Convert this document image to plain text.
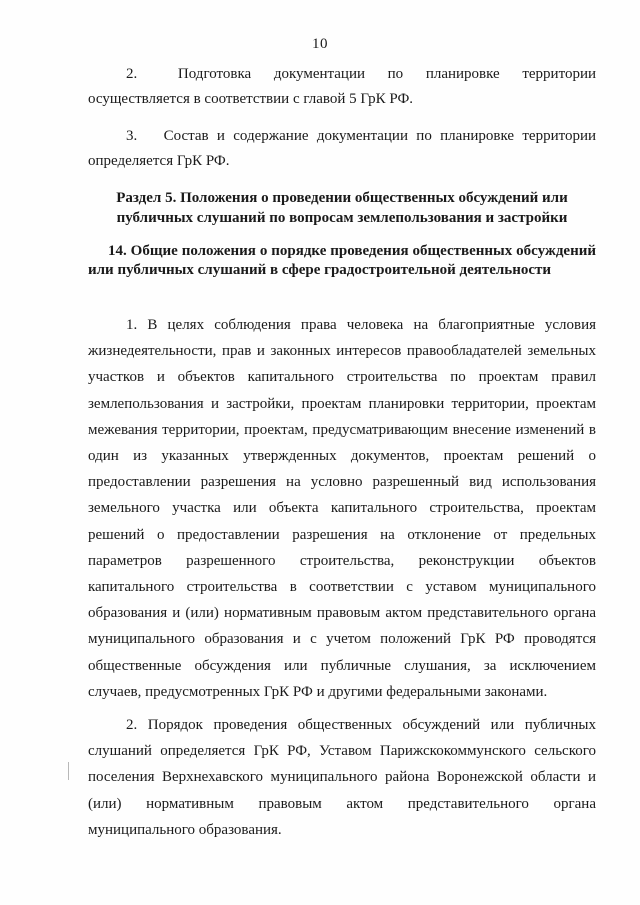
10

2.	Подготовка документации по планировке территории осуществляется в соответствии с главой 5 ГрК РФ.

3. Состав и содержание документации по планировке территории определяется ГрК РФ.

Раздел 5. Положения о проведении общественных обсуждений или публичных слушаний по вопросам землепользования и застройки

14. Общие положения о порядке проведения общественных обсуждений или публичных слушаний в сфере градостроительной деятельности

1. В целях соблюдения права человека на благоприятные условия жизнедеятельности, прав и законных интересов правообладателей земельных участков и объектов капитального строительства по проектам правил землепользования и застройки, проектам планировки территории, проектам межевания территории, проектам, предусматривающим внесение изменений в один из указанных утвержденных документов, проектам решений о предоставлении разрешения на условно разрешенный вид использования земельного участка или объекта капитального строительства, проектам решений о предоставлении разрешения на отклонение от предельных параметров разрешенного строительства, реконструкции объектов капитального строительства в соответствии с уставом муниципального образования и (или) нормативным правовым актом представительного органа муниципального образования и с учетом положений ГрК РФ проводятся общественные обсуждения или публичные слушания, за исключением случаев, предусмотренных ГрК РФ и другими федеральными законами.

2. Порядок проведения общественных обсуждений или публичных слушаний определяется ГрК РФ, Уставом Парижскокоммунского сельского поселения Верхнехавского муниципального района Воронежской области и (или) нормативным правовым актом представительного органа муниципального образования.
